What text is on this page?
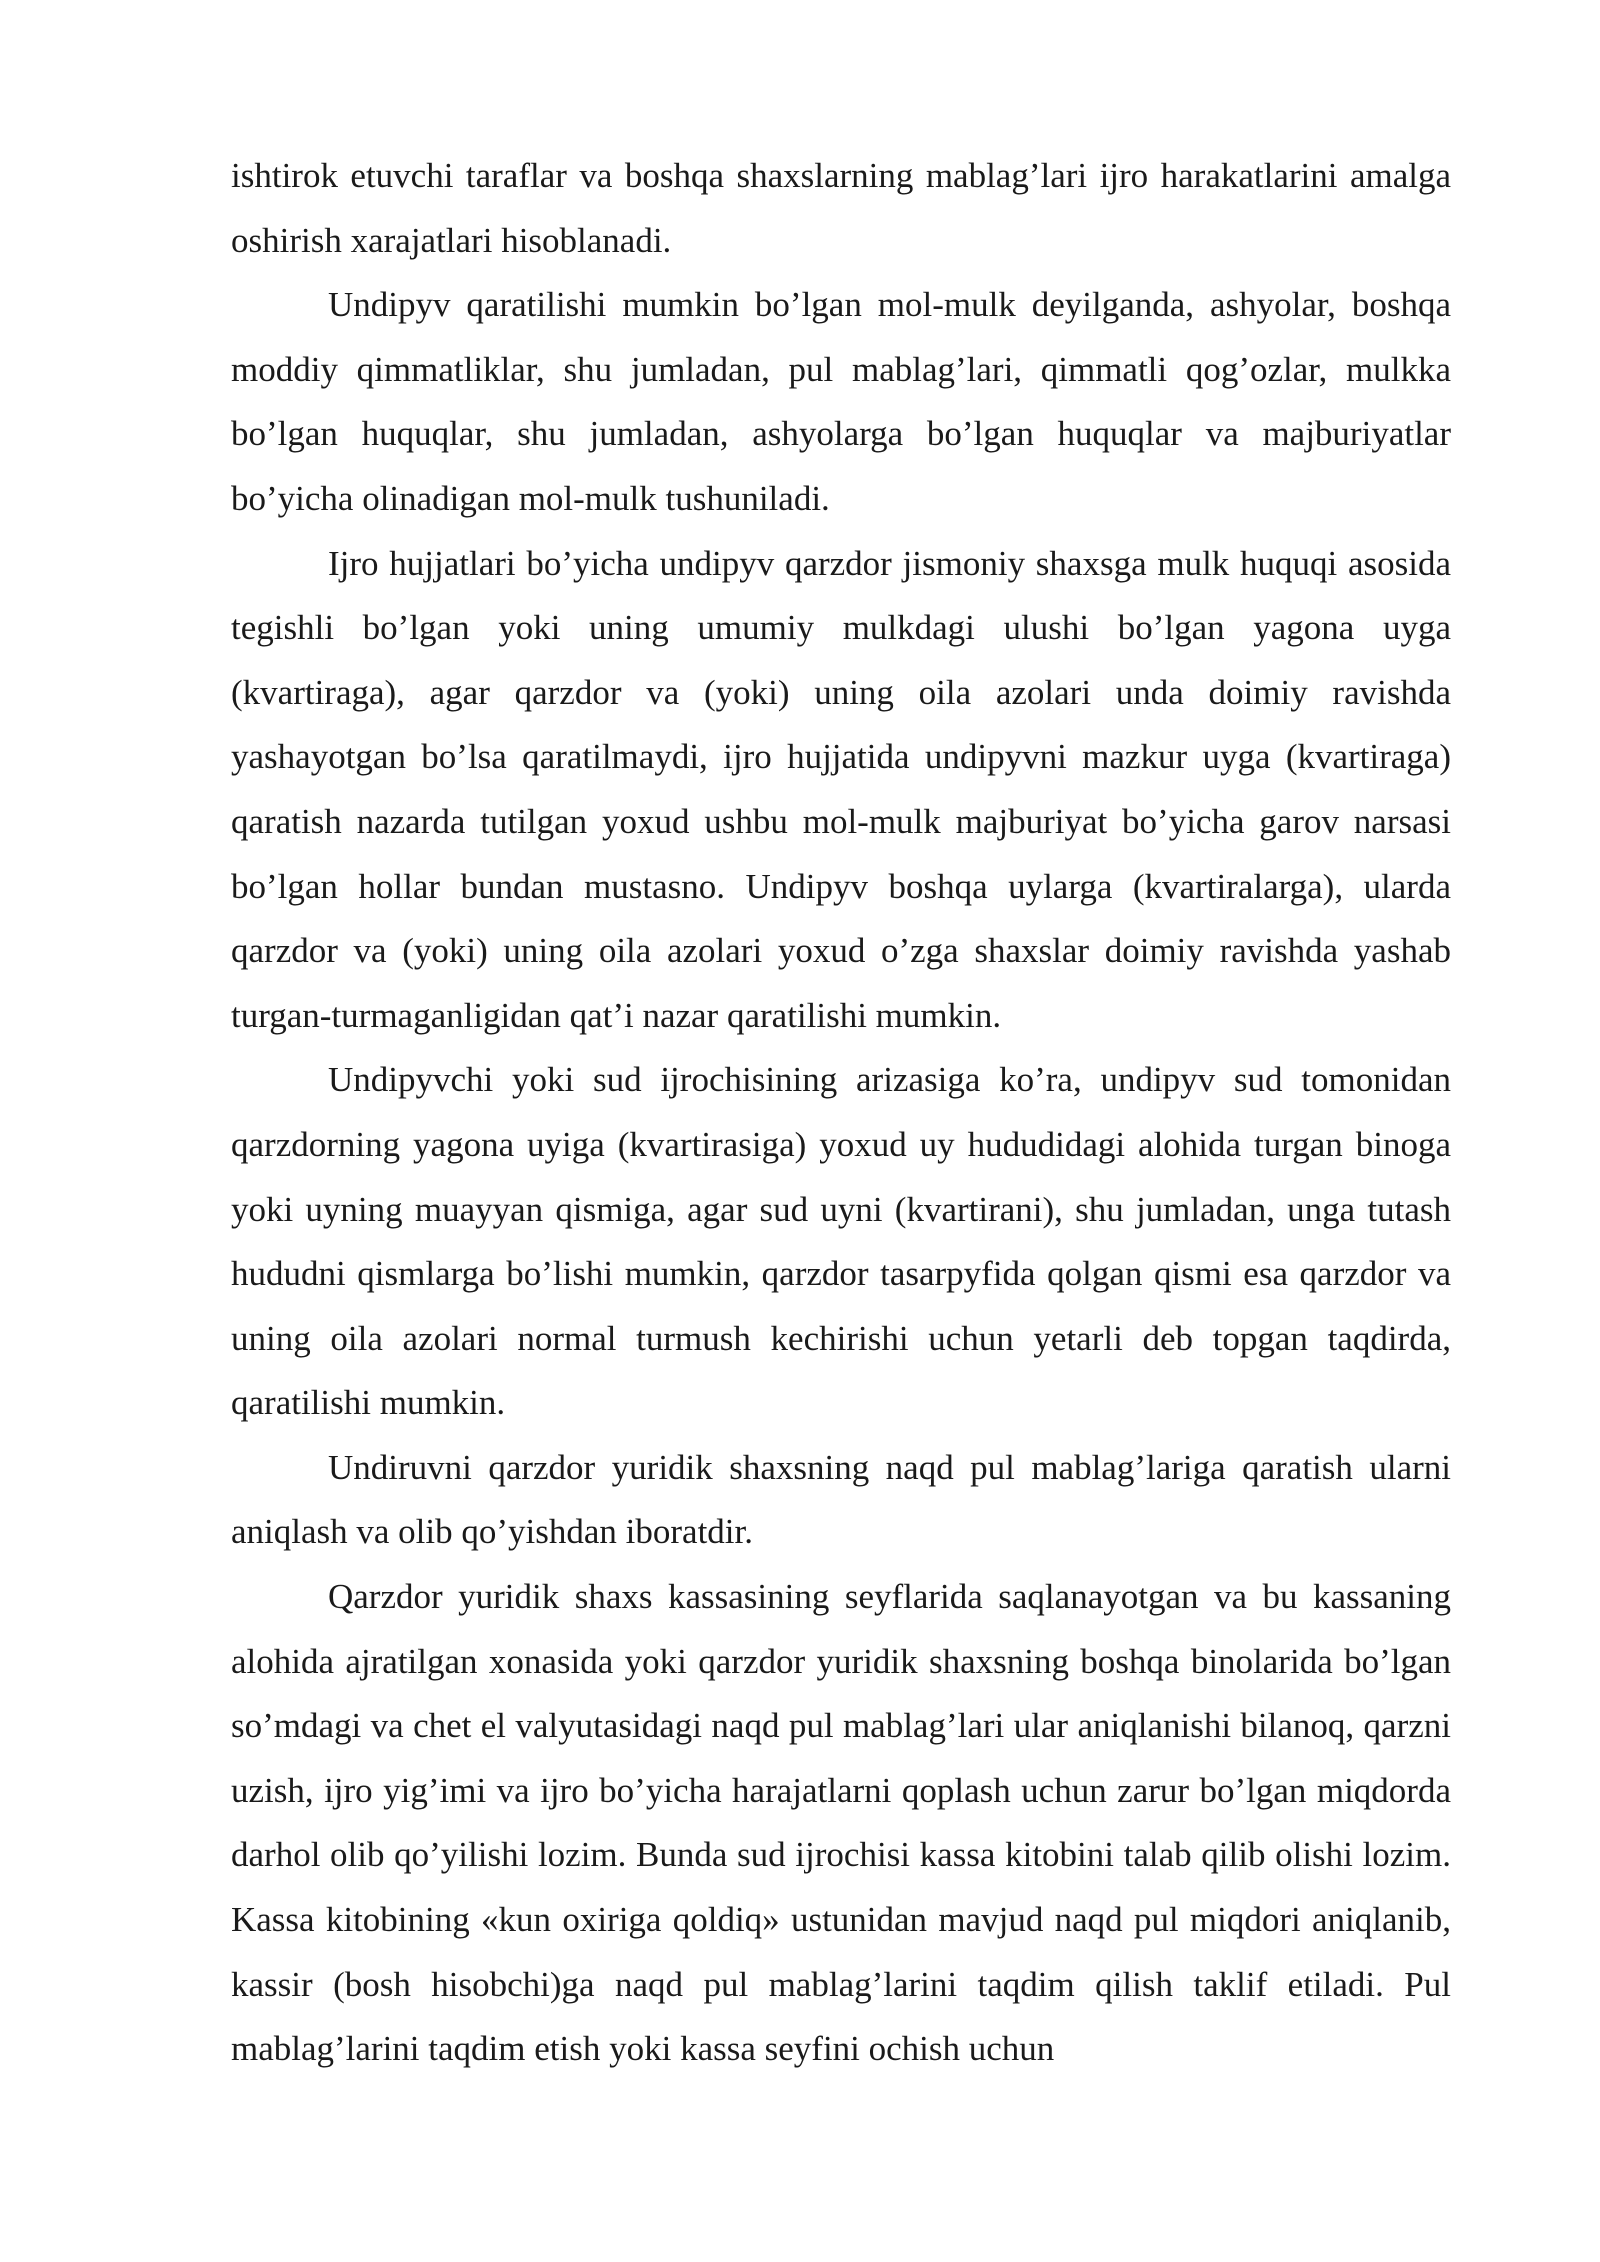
ishtirok etuvchi taraflar va boshqa shaxslarning mablag’lari ijro harakatlarini amalga oshirish xarajatlari hisoblanadi.

Undipyv qaratilishi mumkin bo’lgan mol-mulk deyilganda, ashyolar, boshqa moddiy qimmatliklar, shu jumladan, pul mablag’lari, qimmatli qog’ozlar, mulkka bo’lgan huquqlar, shu jumladan, ashyolarga bo’lgan huquqlar va majburiyatlar bo’yicha olinadigan mol-mulk tushuniladi.

Ijro hujjatlari bo’yicha undipyv qarzdor jismoniy shaxsga mulk huquqi asosida tegishli bo’lgan yoki uning umumiy mulkdagi ulushi bo’lgan yagona uyga (kvartiraga), agar qarzdor va (yoki) uning oila azolari unda doimiy ravishda yashayotgan bo’lsa qaratilmaydi, ijro hujjatida undipyvni mazkur uyga (kvartiraga) qaratish nazarda tutilgan yoxud ushbu mol-mulk majburiyat bo’yicha garov narsasi bo’lgan hollar bundan mustasno. Undipyv boshqa uylarga (kvartiralarga), ularda qarzdor va (yoki) uning oila azolari yoxud o’zga shaxslar doimiy ravishda yashab turgan-turmaganligidan qat’i nazar qaratilishi mumkin.

Undipyvchi yoki sud ijrochisining arizasiga ko’ra, undipyv sud tomonidan qarzdorning yagona uyiga (kvartirasiga) yoxud uy hududidagi alohida turgan binoga yoki uyning muayyan qismiga, agar sud uyni (kvartirani), shu jumladan, unga tutash hududni qismlarga bo’lishi mumkin, qarzdor tasarpyfida qolgan qismi esa qarzdor va uning oila azolari normal turmush kechirishi uchun yetarli deb topgan taqdirda, qaratilishi mumkin.

Undiruvni qarzdor yuridik shaxsning naqd pul mablag’lariga qaratish ularni aniqlash va olib qo’yishdan iboratdir.

Qarzdor yuridik shaxs kassasining seyflarida saqlanayotgan va bu kassaning alohida ajratilgan xonasida yoki qarzdor yuridik shaxsning boshqa binolarida bo’lgan so’mdagi va chet el valyutasidagi naqd pul mablag’lari ular aniqlanishi bilanoq, qarzni uzish, ijro yig’imi va ijro bo’yicha harajatlarni qoplash uchun zarur bo’lgan miqdorda darhol olib qo’yilishi lozim. Bunda sud ijrochisi kassa kitobini talab qilib olishi lozim. Kassa kitobining «kun oxiriga qoldiq» ustunidan mavjud naqd pul miqdori aniqlanib, kassir (bosh hisobchi)ga naqd pul mablag’larini taqdim qilish taklif etiladi. Pul mablag’larini taqdim etish yoki kassa seyfini ochish uchun
